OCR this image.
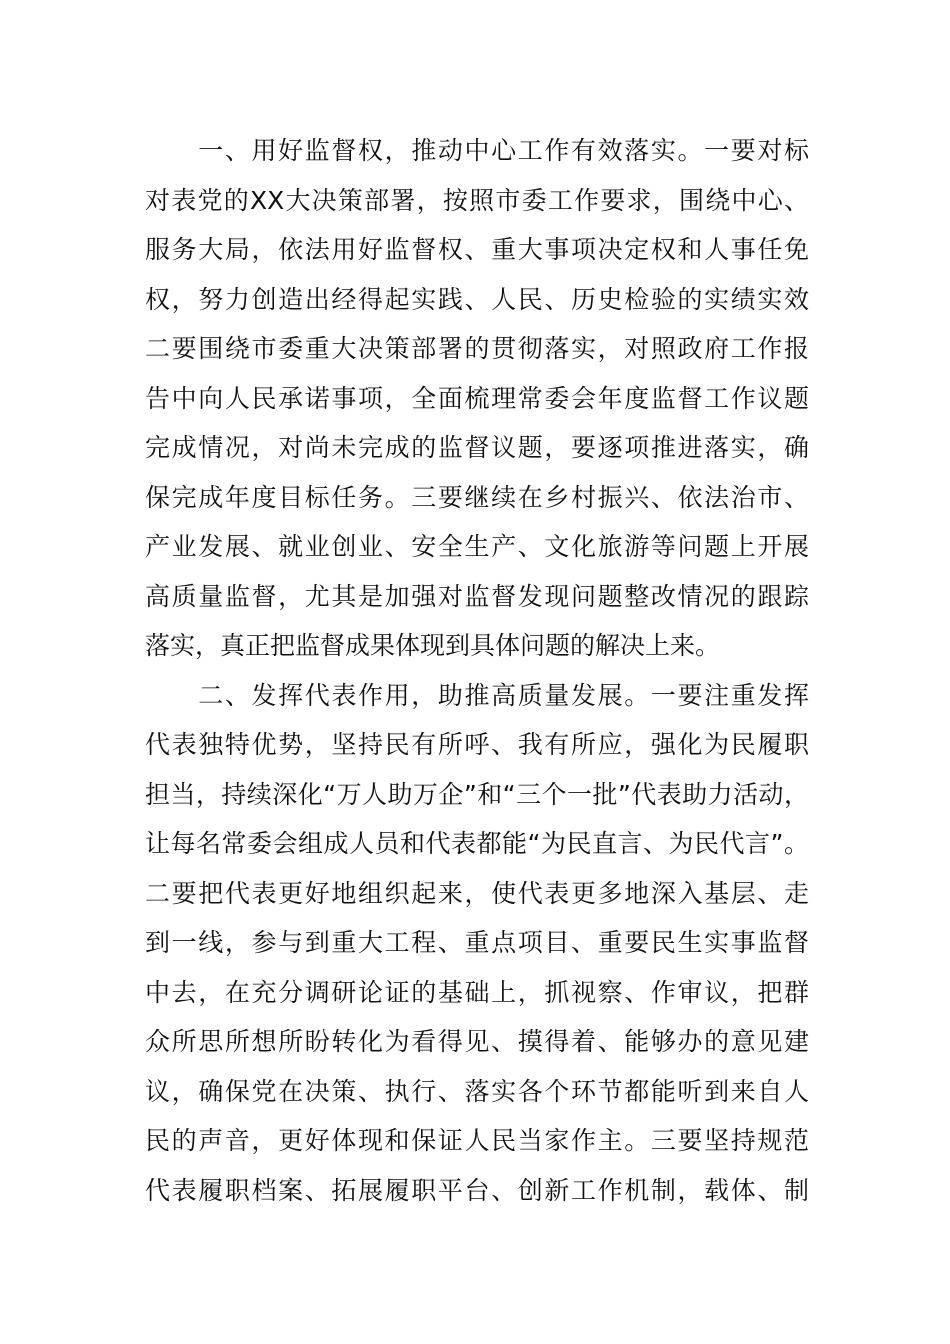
　　一、用好监督权，推动中心工作有效落实。一要对标
对表党的XX大决策部署，按照市委工作要求，围绕中心、
服务大局，依法用好监督权、重大事项决定权和人事任免
权，努力创造出经得起实践、人民、历史检验的实绩实效
二要围绕市委重大决策部署的贯彻落实，对照政府工作报
告中向人民承诺事项，全面梳理常委会年度监督工作议题
完成情况，对尚未完成的监督议题，要逐项推进落实，确
保完成年度目标任务。三要继续在乡村振兴、依法治市、
产业发展、就业创业、安全生产、文化旅游等问题上开展
高质量监督，尤其是加强对监督发现问题整改情况的跟踪
落实，真正把监督成果体现到具体问题的解决上来。
　　二、发挥代表作用，助推高质量发展。一要注重发挥
代表独特优势，坚持民有所呼、我有所应，强化为民履职
担当，持续深化“万人助万企”和“三个一批”代表助力活动，
让每名常委会组成人员和代表都能“为民直言、为民代言”。
二要把代表更好地组织起来，使代表更多地深入基层、走
到一线，参与到重大工程、重点项目、重要民生实事监督
中去，在充分调研论证的基础上，抓视察、作审议，把群
众所思所想所盼转化为看得见、摸得着、能够办的意见建
议，确保党在决策、执行、落实各个环节都能听到来自人
民的声音，更好体现和保证人民当家作主。三要坚持规范
代表履职档案、拓展履职平台、创新工作机制，载体、制
